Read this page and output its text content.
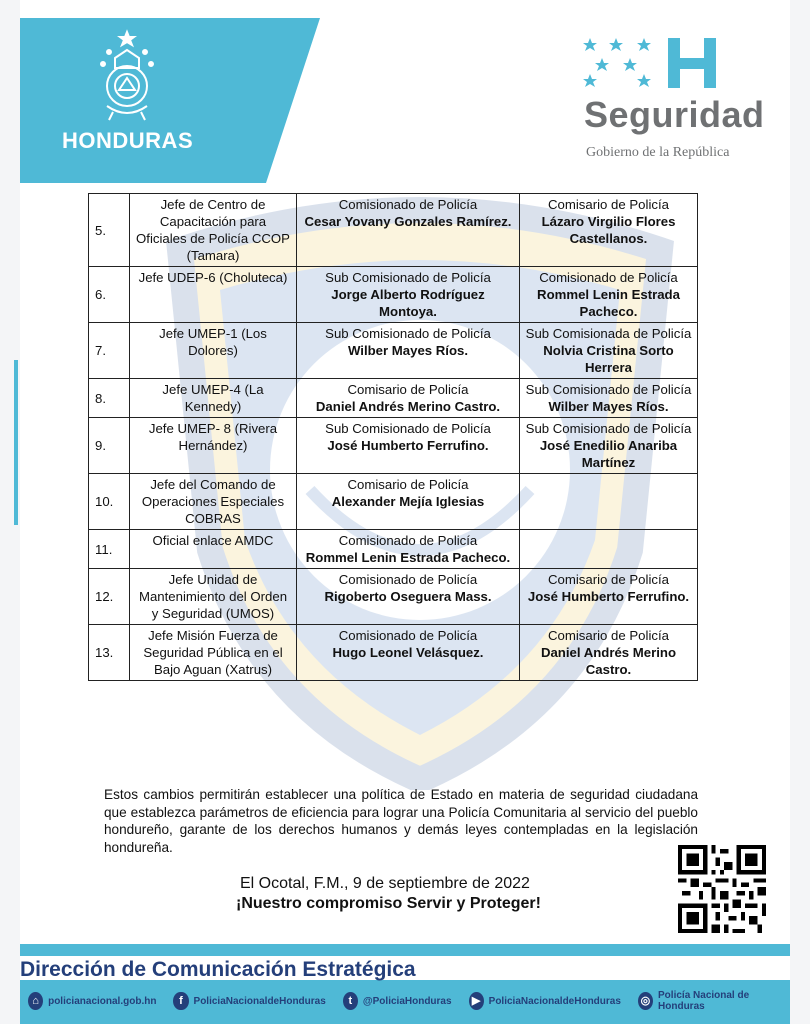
HONDURAS
Seguridad
Gobierno de la República
5.	Jefe de Centro de Capacitación para Oficiales de Policía CCOP (Tamara)	Comisionado de Policía
Cesar Yovany Gonzales Ramírez.	Comisario de Policía
Lázaro Virgilio Flores Castellanos.

6.	Jefe UDEP-6 (Choluteca)	Sub Comisionado de Policía
Jorge Alberto Rodríguez Montoya.	Comisionado de Policía
Rommel Lenin Estrada Pacheco.

7.	Jefe UMEP-1 (Los Dolores)	Sub Comisionado de Policía
Wilber Mayes Ríos.	Sub Comisionada de Policía
Nolvia Cristina Sorto Herrera

8.	Jefe UMEP-4 (La Kennedy)	Comisario de Policía
Daniel Andrés Merino Castro.	Sub Comisionado de Policía
Wilber Mayes Ríos.

9.	Jefe UMEP- 8 (Rivera Hernández)	Sub Comisionado de Policía
José Humberto Ferrufino.	Sub Comisionado de Policía
José Enedilio Anariba Martínez

10.	Jefe del Comando de Operaciones Especiales COBRAS	Comisario de Policía
Alexander Mejía Iglesias	

11.	Oficial enlace AMDC	Comisionado de Policía
Rommel Lenin Estrada Pacheco.	

12.	Jefe Unidad de Mantenimiento del Orden y Seguridad (UMOS)	Comisionado de Policía
Rigoberto Oseguera Mass.	Comisario de Policía
José Humberto Ferrufino.

13.	Jefe Misión Fuerza de Seguridad Pública en el Bajo Aguan (Xatrus)	Comisionado de Policía
Hugo Leonel Velásquez.	Comisario de Policía
Daniel Andrés Merino Castro.
Estos cambios permitirán establecer una política de Estado en materia de seguridad ciudadana que establezca parámetros de eficiencia para lograr una Policía Comunitaria al servicio del pueblo hondureño, garante de los derechos humanos y demás leyes contempladas en la legislación hondureña.
El Ocotal, F.M., 9 de septiembre de 2022
¡Nuestro compromiso Servir y Proteger!
Dirección de Comunicación Estratégica
⌂ policianacional.gob.hn	f	PoliciaNacionaldeHonduras	t	@PoliciaHonduras	▶ PoliciaNacionaldeHonduras ◎ Policía Nacional de Honduras
